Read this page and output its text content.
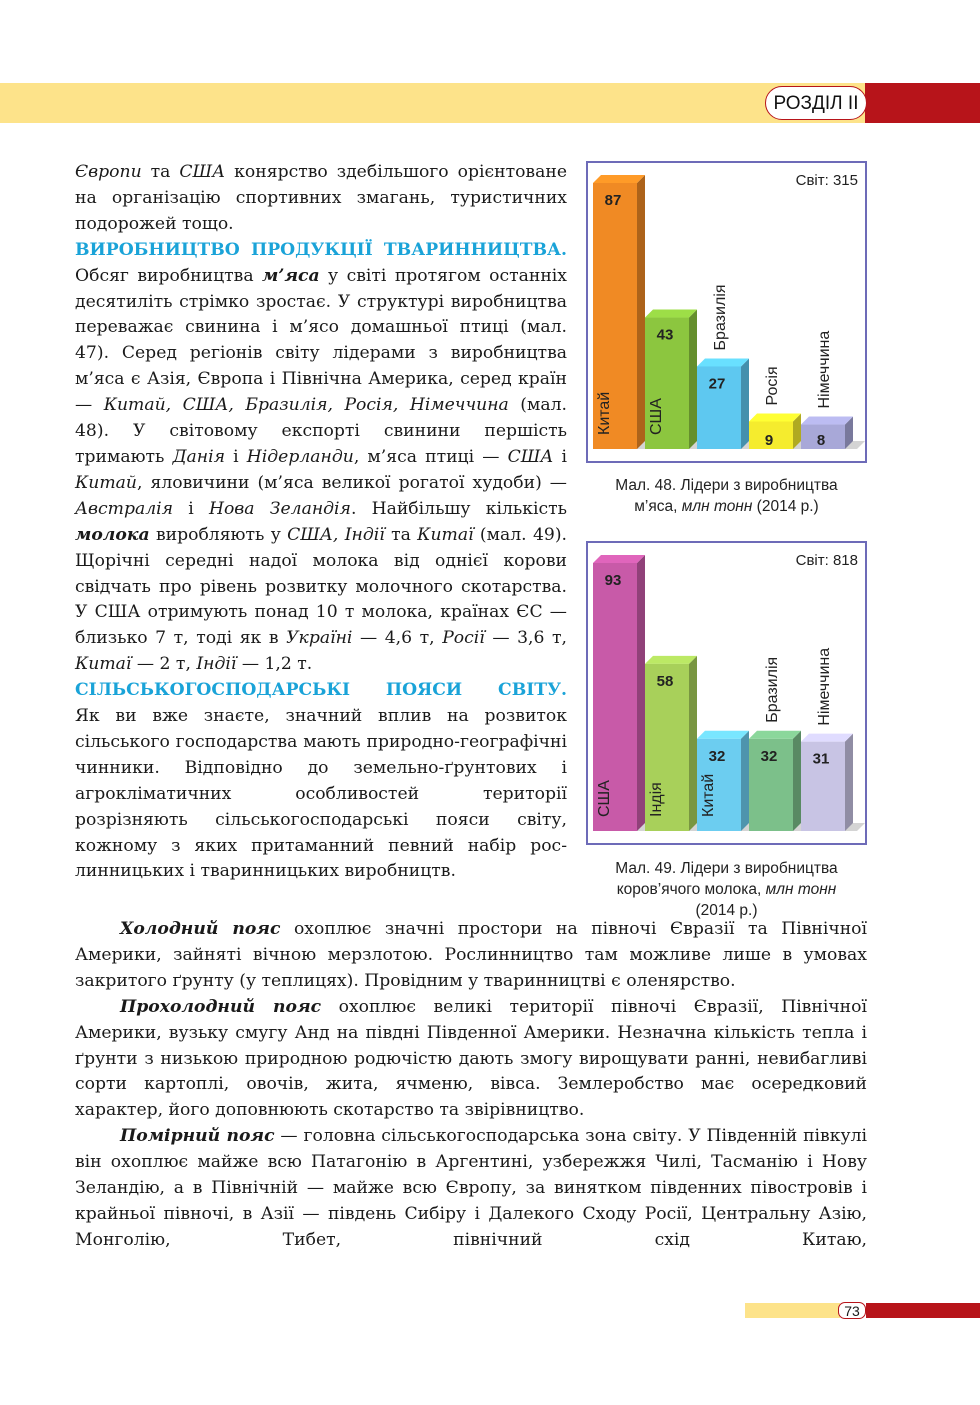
РОЗДІЛ ІІ

Європи та США конярство здебільшого орієнтоване на організацію спортивних змагань, туристичних подорожей тощо.

ВИРОБНИЦТВО ПРОДУКЦІЇ ТВАРИННИЦТВА.

Обсяг виробництва м’яса у світі протягом останніх десятиліть стрімко зростає. У структурі виробництва переважає свинина і м’ясо домашньої птиці (мал. 47). Серед регіонів світу лідерами з виробництва м’яса є Азія, Європа і Північна Америка, серед країн — Китай, США, Бразилія, Росія, Німеччина (мал. 48). У світовому експорті свинини першість тримають Данія і Нідерланди, м’яса птиці — США і Китай, яловичини (м’яса великої рогатої худоби) — Австралія і Нова Зеландія. Найбільшу кількість молока виробляють у США, Індії та Китаї (мал. 49). Щорічні середні надої молока від однієї корови свідчать про рівень розвитку молочного скотарства. У США отримують понад 10 т молока, країнах ЄС — близько 7 т, тоді як в Україні — 4,6 т, Росії — 3,6 т, Китаї — 2 т, Індії — 1,2 т.

СІЛЬСЬКОГОСПОДАРСЬКІ ПОЯСИ СВІТУ.

Як ви вже знаєте, значний вплив на розвиток сільського господарства мають природно-географічні чинники. Відповідно до земельно-ґрунтових і агрокліматичних особливостей території розрізняють сільськогосподарські пояси світу, кожному з яких притаманний певний набір рослинницьких і тваринницьких виробництв.

Світ: 315
87
Китай
43
США
27
Бразилія
9
Росія
8
Німеччина
Мал. 48. Лідери з виробництва
м’яса, млн тонн (2014 р.)
Світ: 818
93
США
58
Індія
32
Китай
32
Бразилія
31
Німеччина
Мал. 49. Лідери з виробництва
коров’ячого молока, млн тонн
(2014 р.)

Холодний пояс охоплює значні простори на півночі Євразії та Північної Америки, зайняті вічною мерзлотою. Рослинництво там можливе лише в умовах закритого ґрунту (у теплицях). Провідним у тваринництві є оленярство.

Прохолодний пояс охоплює великі території півночі Євразії, Північної Америки, вузьку смугу Анд на півдні Південної Америки. Незначна кількість тепла і ґрунти з низькою природною родючістю дають змогу вирощувати ранні, невибагливі сорти картоплі, овочів, жита, ячменю, вівса. Землеробство має осередковий характер, його доповнюють скотарство та звірівництво.

Помірний пояс — головна сільськогосподарська зона світу. У Південній півкулі він охоплює майже всю Патагонію в Аргентині, узбережжя Чилі, Тасманію і Нову Зеландію, а в Північній — майже всю Європу, за винятком південних півостровів і крайньої півночі, в Азії — південь Сибіру і Далекого Сходу Росії, Центральну Азію, Монголію, Тибет, північний схід Китаю,

73
